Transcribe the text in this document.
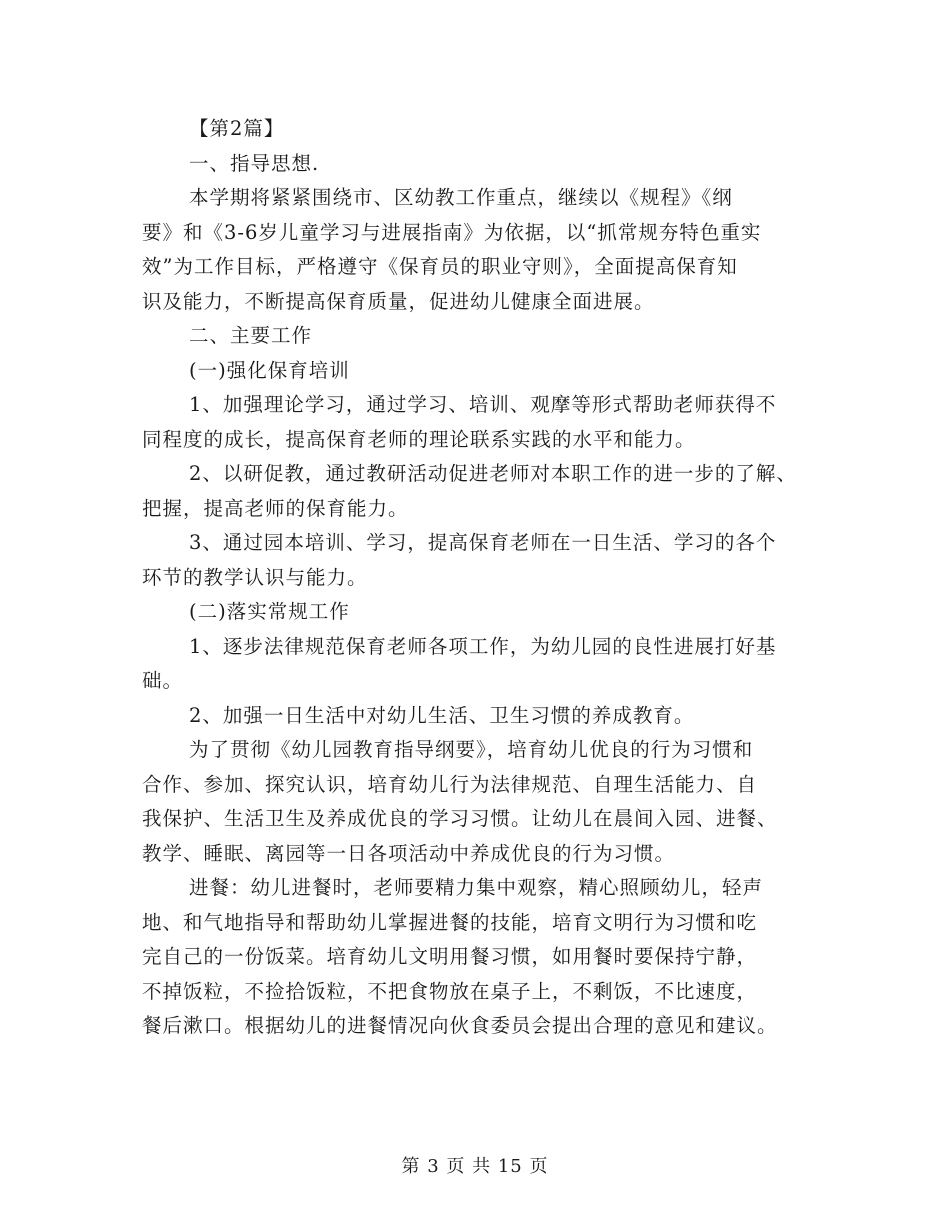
【第2篇】

一、指导思想.

本学期将紧紧围绕市、区幼教工作重点，继续以《规程》《纲

要》和《3-6岁儿童学习与进展指南》为依据，以“抓常规夯特色重实

效”为工作目标，严格遵守《保育员的职业守则》，全面提高保育知

识及能力，不断提高保育质量，促进幼儿健康全面进展。

二、主要工作

(一)强化保育培训

1、加强理论学习，通过学习、培训、观摩等形式帮助老师获得不

同程度的成长，提高保育老师的理论联系实践的水平和能力。

2、以研促教，通过教研活动促进老师对本职工作的进一步的了解、

把握，提高老师的保育能力。

3、通过园本培训、学习，提高保育老师在一日生活、学习的各个

环节的教学认识与能力。

(二)落实常规工作

1、逐步法律规范保育老师各项工作，为幼儿园的良性进展打好基

础。

2、加强一日生活中对幼儿生活、卫生习惯的养成教育。

为了贯彻《幼儿园教育指导纲要》，培育幼儿优良的行为习惯和

合作、参加、探究认识，培育幼儿行为法律规范、自理生活能力、自

我保护、生活卫生及养成优良的学习习惯。让幼儿在晨间入园、进餐、

教学、睡眠、离园等一日各项活动中养成优良的行为习惯。

进餐：幼儿进餐时，老师要精力集中观察，精心照顾幼儿，轻声

地、和气地指导和帮助幼儿掌握进餐的技能，培育文明行为习惯和吃

完自己的一份饭菜。培育幼儿文明用餐习惯，如用餐时要保持宁静，

不掉饭粒，不捡拾饭粒，不把食物放在桌子上，不剩饭，不比速度，

餐后漱口。根据幼儿的进餐情况向伙食委员会提出合理的意见和建议。

第 3 页 共 15 页
